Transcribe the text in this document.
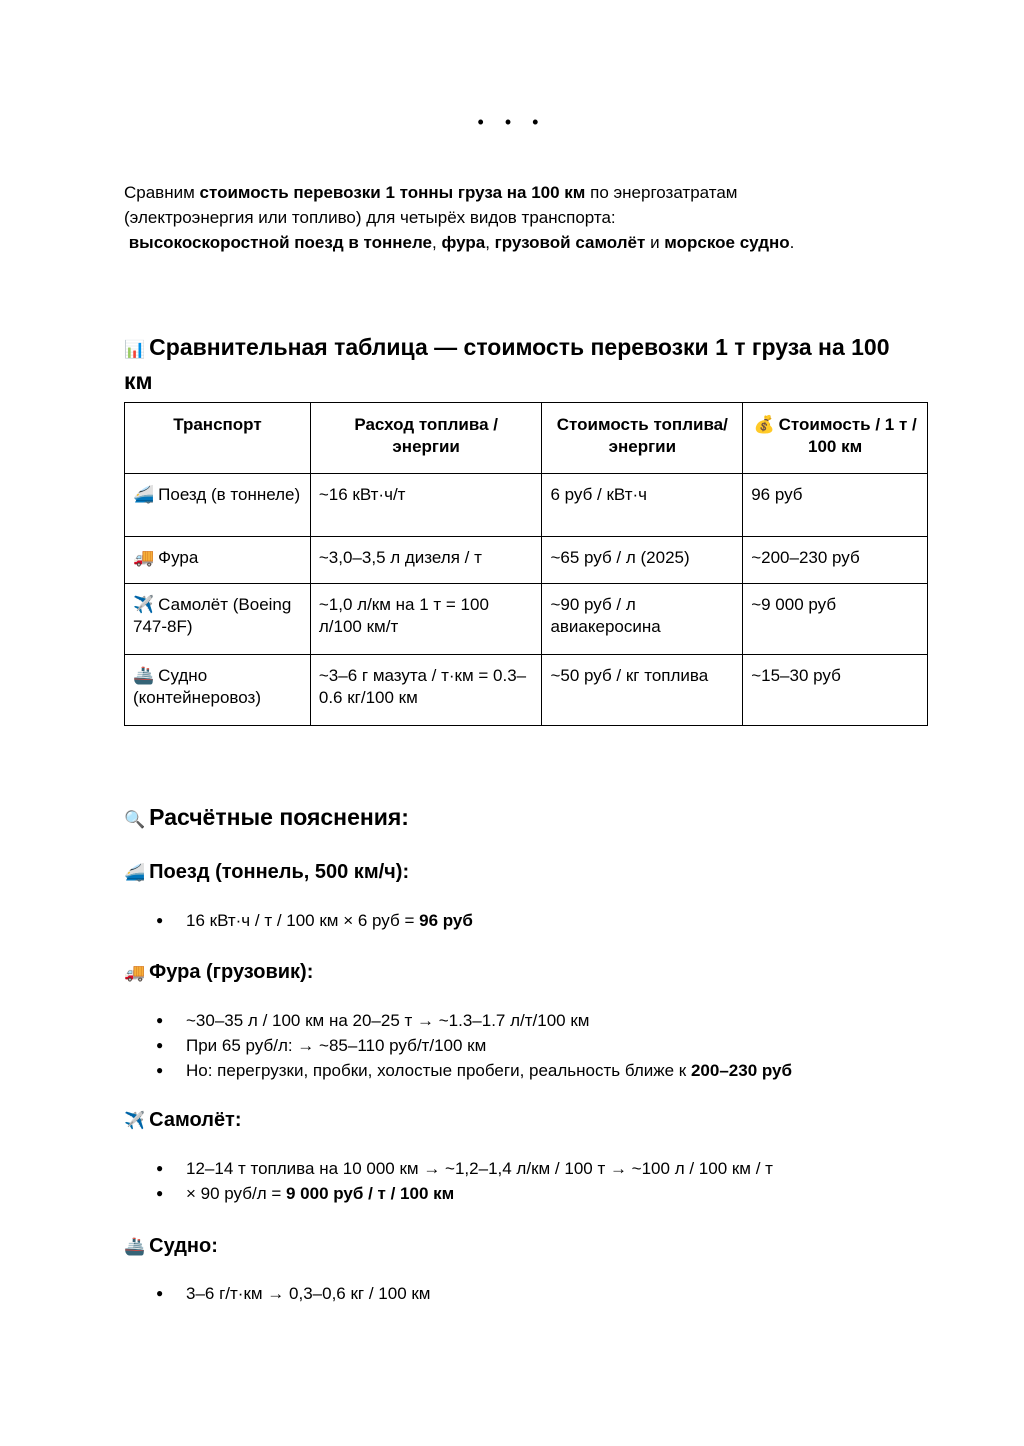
• • •

Сравним стоимость перевозки 1 тонны груза на 100 км по энергозатратам

(электроэнергия или топливо) для четырёх видов транспорта:

высокоскоростной поезд в тоннеле, фура, грузовой самолёт и морское судно.

📊 Сравнительная таблица — стоимость перевозки 1 т груза на 100 км
Транспорт	Расход топлива / энергии	Стоимость топлива/энергии	💰 Стоимость / 1 т / 100 км
🚄 Поезд (в тоннеле)	~16 кВт·ч/т	6 руб / кВт·ч	96 руб
🚚 Фура	~3,0–3,5 л дизеля / т	~65 руб / л (2025)	~200–230 руб
✈️ Самолёт (Boeing 747-8F)	~1,0 л/км на 1 т = 100 л/100 км/т	~90 руб / л авиакеросина	~9 000 руб
🚢 Судно (контейнеровоз)	~3–6 г мазута / т·км = 0.3–0.6 кг/100 км	~50 руб / кг топлива	~15–30 руб
🔍 Расчётные пояснения:
🚄 Поезд (тоннель, 500 км/ч):
● 16 кВт·ч / т / 100 км × 6 руб = 96 руб
🚚 Фура (грузовик):
● ~30–35 л / 100 км на 20–25 т → ~1.3–1.7 л/т/100 км
● При 65 руб/л: → ~85–110 руб/т/100 км
● Но: перегрузки, пробки, холостые пробеги, реальность ближе к 200–230 руб
✈️ Самолёт:
● 12–14 т топлива на 10 000 км → ~1,2–1,4 л/км / 100 т → ~100 л / 100 км / т
● × 90 руб/л = 9 000 руб / т / 100 км
🚢 Судно:
● 3–6 г/т·км → 0,3–0,6 кг / 100 км
